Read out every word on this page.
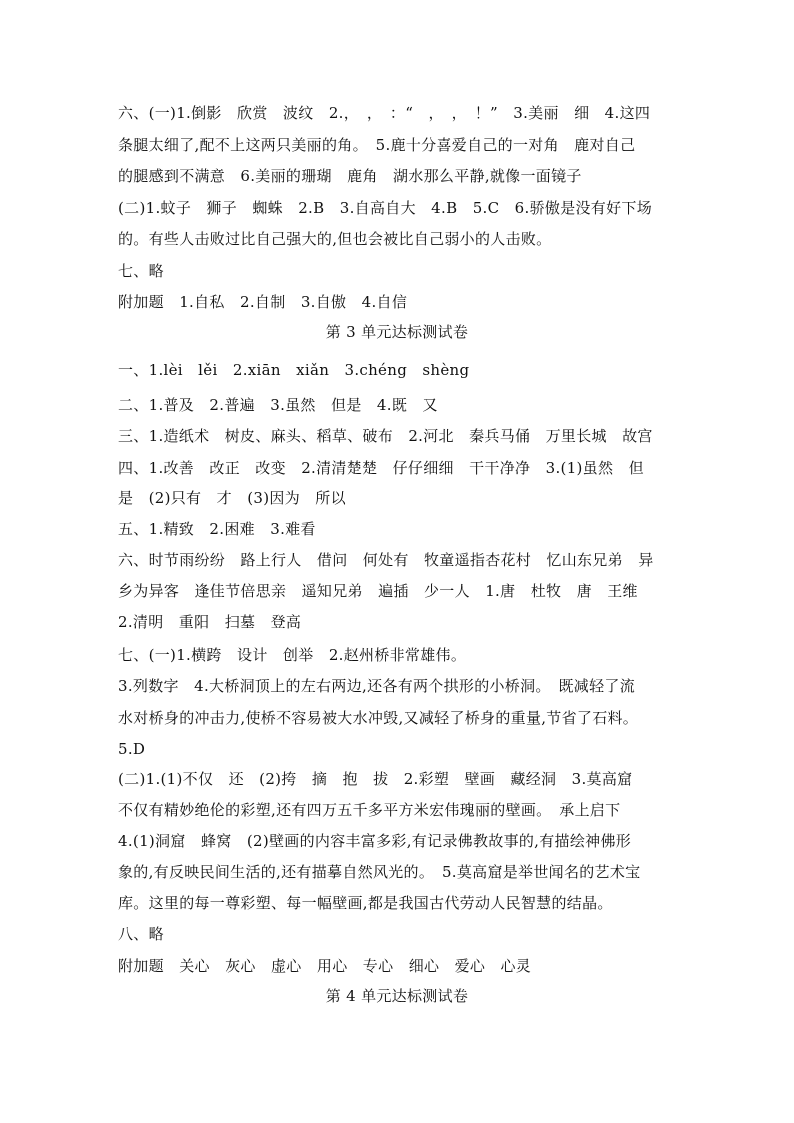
六、(一)1.倒影　欣赏　波纹　2.，　，　：“　，　，　！”　3.美丽　细　4.这四
条腿太细了,配不上这两只美丽的角。　5.鹿十分喜爱自己的一对角　鹿对自己
的腿感到不满意　6.美丽的珊瑚　鹿角　湖水那么平静,就像一面镜子
(二)1.蚊子　狮子　蜘蛛　2.B　3.自高自大　4.B　5.C　6.骄傲是没有好下场
的。有些人击败过比自己强大的,但也会被比自己弱小的人击败。
七、略
附加题　1.自私　2.自制　3.自傲　4.自信
第 3 单元达标测试卷
一、1.lèi　lěi　2.xiān　xiǎn　3.chéng　shèng
二、1.普及　2.普遍　3.虽然　但是　4.既　又
三、1.造纸术　树皮、麻头、稻草、破布　2.河北　秦兵马俑　万里长城　故宫
四、1.改善　改正　改变　2.清清楚楚　仔仔细细　干干净净　3.(1)虽然　但
是　(2)只有　才　(3)因为　所以
五、1.精致　2.困难　3.难看
六、时节雨纷纷　路上行人　借问　何处有　牧童遥指杏花村　忆山东兄弟　异
乡为异客　逢佳节倍思亲　遥知兄弟　遍插　少一人　1.唐　杜牧　唐　王维
2.清明　重阳　扫墓　登高
七、(一)1.横跨　设计　创举　2.赵州桥非常雄伟。
3.列数字　4.大桥洞顶上的左右两边,还各有两个拱形的小桥洞。　既减轻了流
水对桥身的冲击力,使桥不容易被大水冲毁,又减轻了桥身的重量,节省了石料。
5.D
(二)1.(1)不仅　还　(2)挎　摘　抱　拔　2.彩塑　壁画　藏经洞　3.莫高窟
不仅有精妙绝伦的彩塑,还有四万五千多平方米宏伟瑰丽的壁画。　承上启下
4.(1)洞窟　蜂窝　(2)壁画的内容丰富多彩,有记录佛教故事的,有描绘神佛形
象的,有反映民间生活的,还有描摹自然风光的。　5.莫高窟是举世闻名的艺术宝
库。这里的每一尊彩塑、每一幅壁画,都是我国古代劳动人民智慧的结晶。
八、略
附加题　关心　灰心　虚心　用心　专心　细心　爱心　心灵
第 4 单元达标测试卷
